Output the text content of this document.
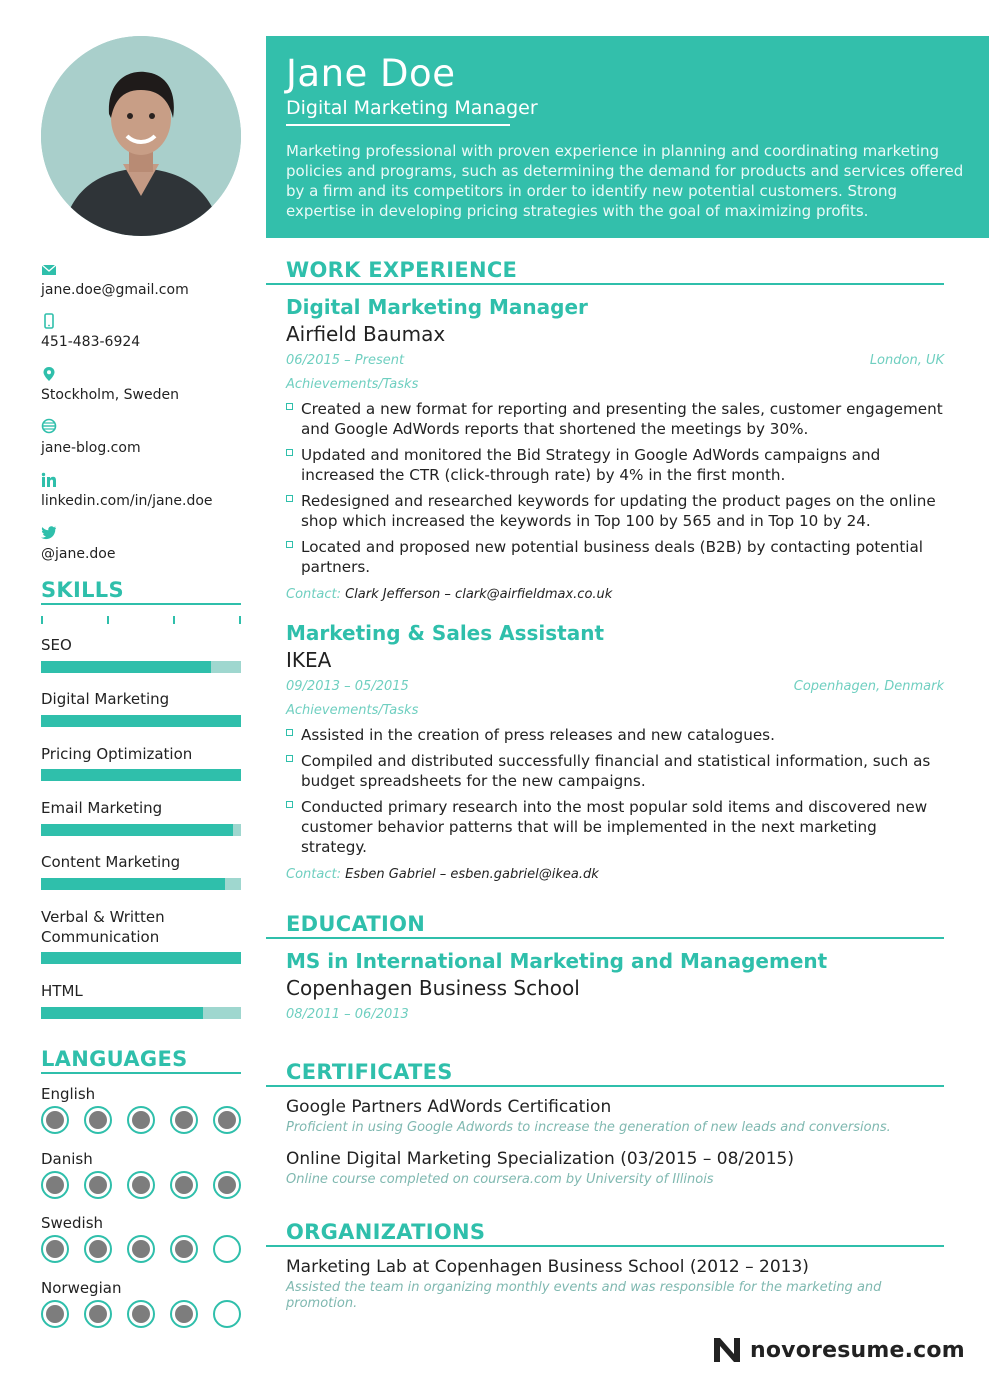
Jane Doe
Digital Marketing Manager
Marketing professional with proven experience in planning and coordinating marketing policies and programs, such as determining the demand for products and services offered by a firm and its competitors in order to identify new potential customers. Strong expertise in developing pricing strategies with the goal of maximizing profits.
jane.doe@gmail.com
451-483-6924
Stockholm, Sweden
jane-blog.com
linkedin.com/in/jane.doe
@jane.doe
SKILLS
SEO
Digital Marketing
Pricing Optimization
Email Marketing
Content Marketing
Verbal & Written Communication
HTML
LANGUAGES
English
Danish
Swedish
Norwegian
WORK EXPERIENCE
Digital Marketing Manager
Airfield Baumax
06/2015 – Present	London, UK
Achievements/Tasks
Created a new format for reporting and presenting the sales, customer engagement and Google AdWords reports that shortened the meetings by 30%.
Updated and monitored the Bid Strategy in Google AdWords campaigns and increased the CTR (click-through rate) by 4% in the first month.
Redesigned and researched keywords for updating the product pages on the online shop which increased the keywords in Top 100 by 565 and in Top 10 by 24.
Located and proposed new potential business deals (B2B) by contacting potential partners.
Contact: Clark Jefferson – clark@airfieldmax.co.uk
Marketing & Sales Assistant
IKEA
09/2013 – 05/2015	Copenhagen, Denmark
Achievements/Tasks
Assisted in the creation of press releases and new catalogues.
Compiled and distributed successfully financial and statistical information, such as budget spreadsheets for the new campaigns.
Conducted primary research into the most popular sold items and discovered new customer behavior patterns that will be implemented in the next marketing strategy.
Contact: Esben Gabriel – esben.gabriel@ikea.dk
EDUCATION
MS in International Marketing and Management
Copenhagen Business School
08/2011 – 06/2013
CERTIFICATES
Google Partners AdWords Certification
Proficient in using Google Adwords to increase the generation of new leads and conversions.
Online Digital Marketing Specialization (03/2015 – 08/2015)
Online course completed on coursera.com by University of Illinois
ORGANIZATIONS
Marketing Lab at Copenhagen Business School (2012 – 2013)
Assisted the team in organizing monthly events and was responsible for the marketing and promotion.
novoresume.com
